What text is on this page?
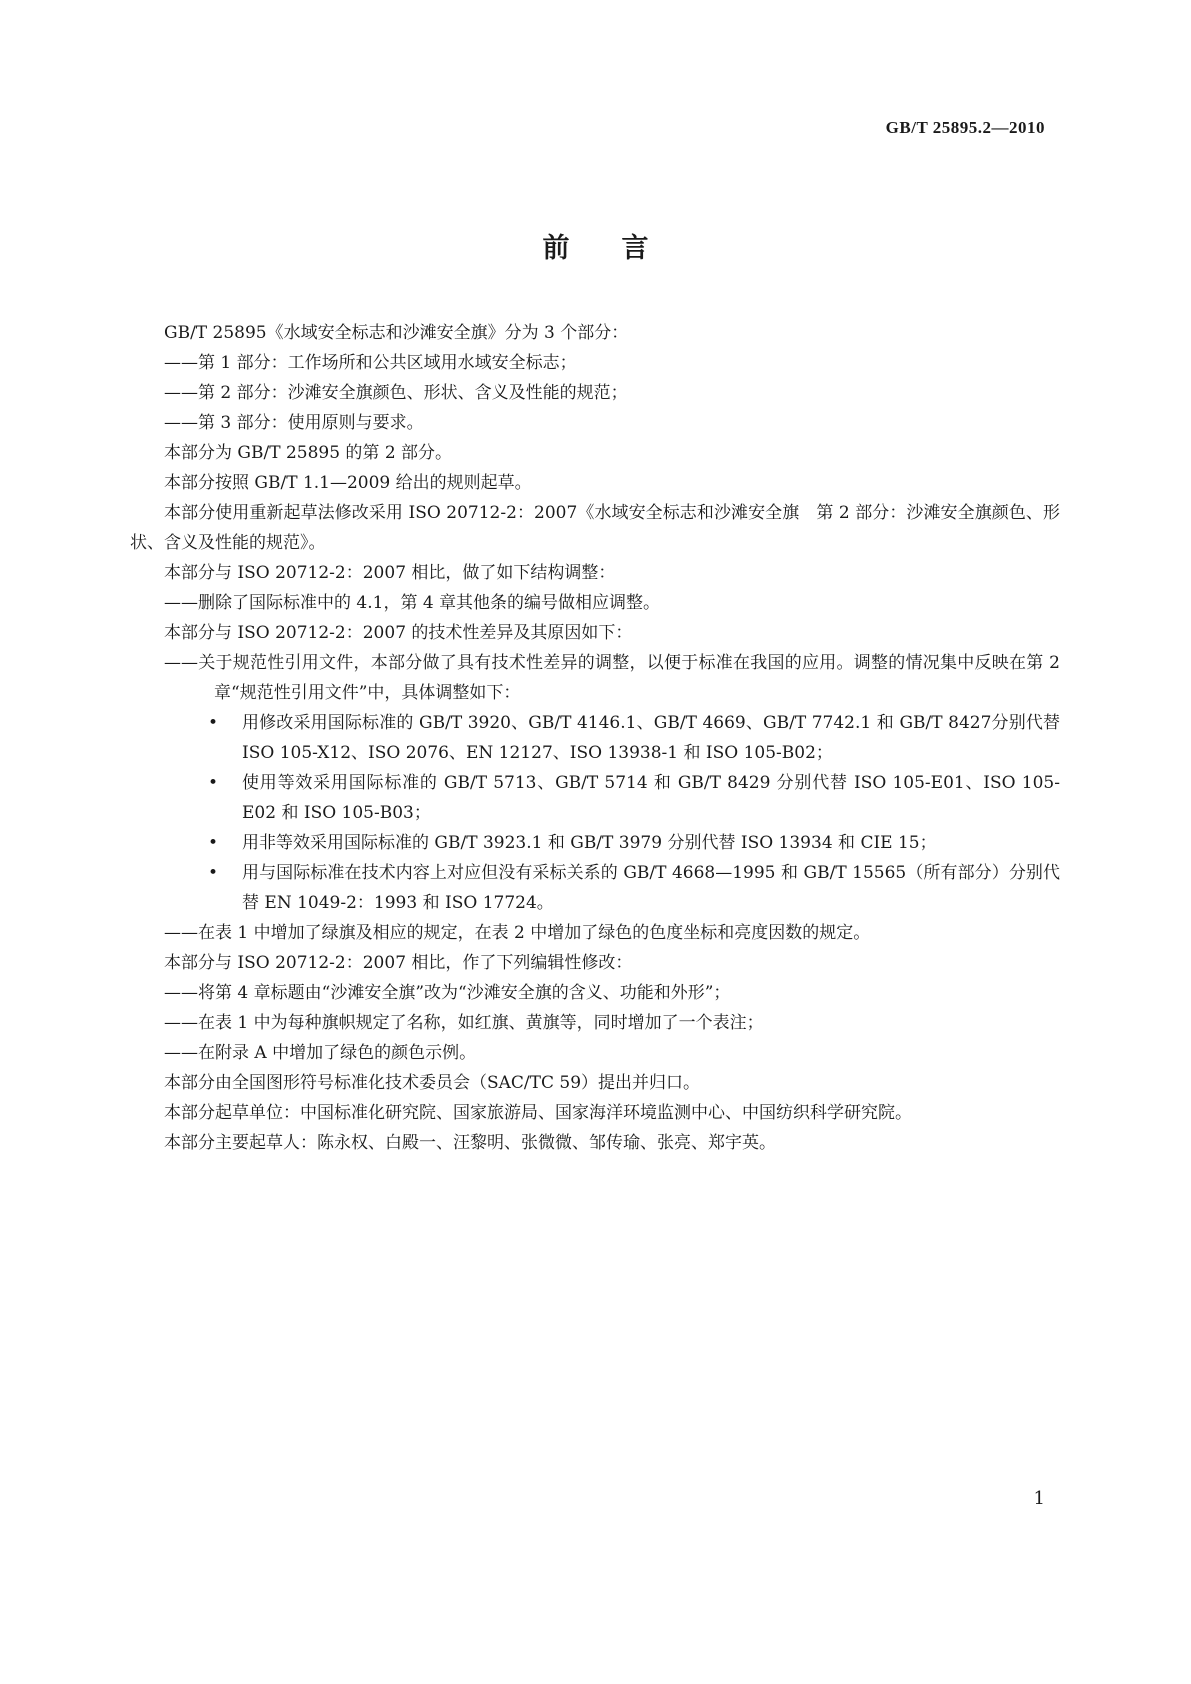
GB/T 25895.2—2010
前言

GB/T 25895《水域安全标志和沙滩安全旗》分为 3 个部分：

——第 1 部分：工作场所和公共区域用水域安全标志；

——第 2 部分：沙滩安全旗颜色、形状、含义及性能的规范；

——第 3 部分：使用原则与要求。

本部分为 GB/T 25895 的第 2 部分。

本部分按照 GB/T 1.1—2009 给出的规则起草。

本部分使用重新起草法修改采用 ISO 20712-2：2007《水域安全标志和沙滩安全旗　第 2 部分：沙滩安全旗颜色、形状、含义及性能的规范》。

本部分与 ISO 20712-2：2007 相比，做了如下结构调整：

——删除了国际标准中的 4.1，第 4 章其他条的编号做相应调整。

本部分与 ISO 20712-2：2007 的技术性差异及其原因如下：

——关于规范性引用文件，本部分做了具有技术性差异的调整，以便于标准在我国的应用。调整的情况集中反映在第 2 章“规范性引用文件”中，具体调整如下：

• 用修改采用国际标准的 GB/T 3920、GB/T 4146.1、GB/T 4669、GB/T 7742.1 和 GB/T 8427分别代替 ISO 105-X12、ISO 2076、EN 12127、ISO 13938-1 和 ISO 105-B02；
• 使用等效采用国际标准的 GB/T 5713、GB/T 5714 和 GB/T 8429 分别代替 ISO 105-E01、ISO 105-E02 和 ISO 105-B03；
• 用非等效采用国际标准的 GB/T 3923.1 和 GB/T 3979 分别代替 ISO 13934 和 CIE 15；
• 用与国际标准在技术内容上对应但没有采标关系的 GB/T 4668—1995 和 GB/T 15565（所有部分）分别代替 EN 1049-2：1993 和 ISO 17724。

——在表 1 中增加了绿旗及相应的规定，在表 2 中增加了绿色的色度坐标和亮度因数的规定。

本部分与 ISO 20712-2：2007 相比，作了下列编辑性修改：

——将第 4 章标题由“沙滩安全旗”改为“沙滩安全旗的含义、功能和外形”；

——在表 1 中为每种旗帜规定了名称，如红旗、黄旗等，同时增加了一个表注；

——在附录 A 中增加了绿色的颜色示例。

本部分由全国图形符号标准化技术委员会（SAC/TC 59）提出并归口。

本部分起草单位：中国标准化研究院、国家旅游局、国家海洋环境监测中心、中国纺织科学研究院。

本部分主要起草人：陈永权、白殿一、汪黎明、张微微、邹传瑜、张亮、郑宇英。

1
